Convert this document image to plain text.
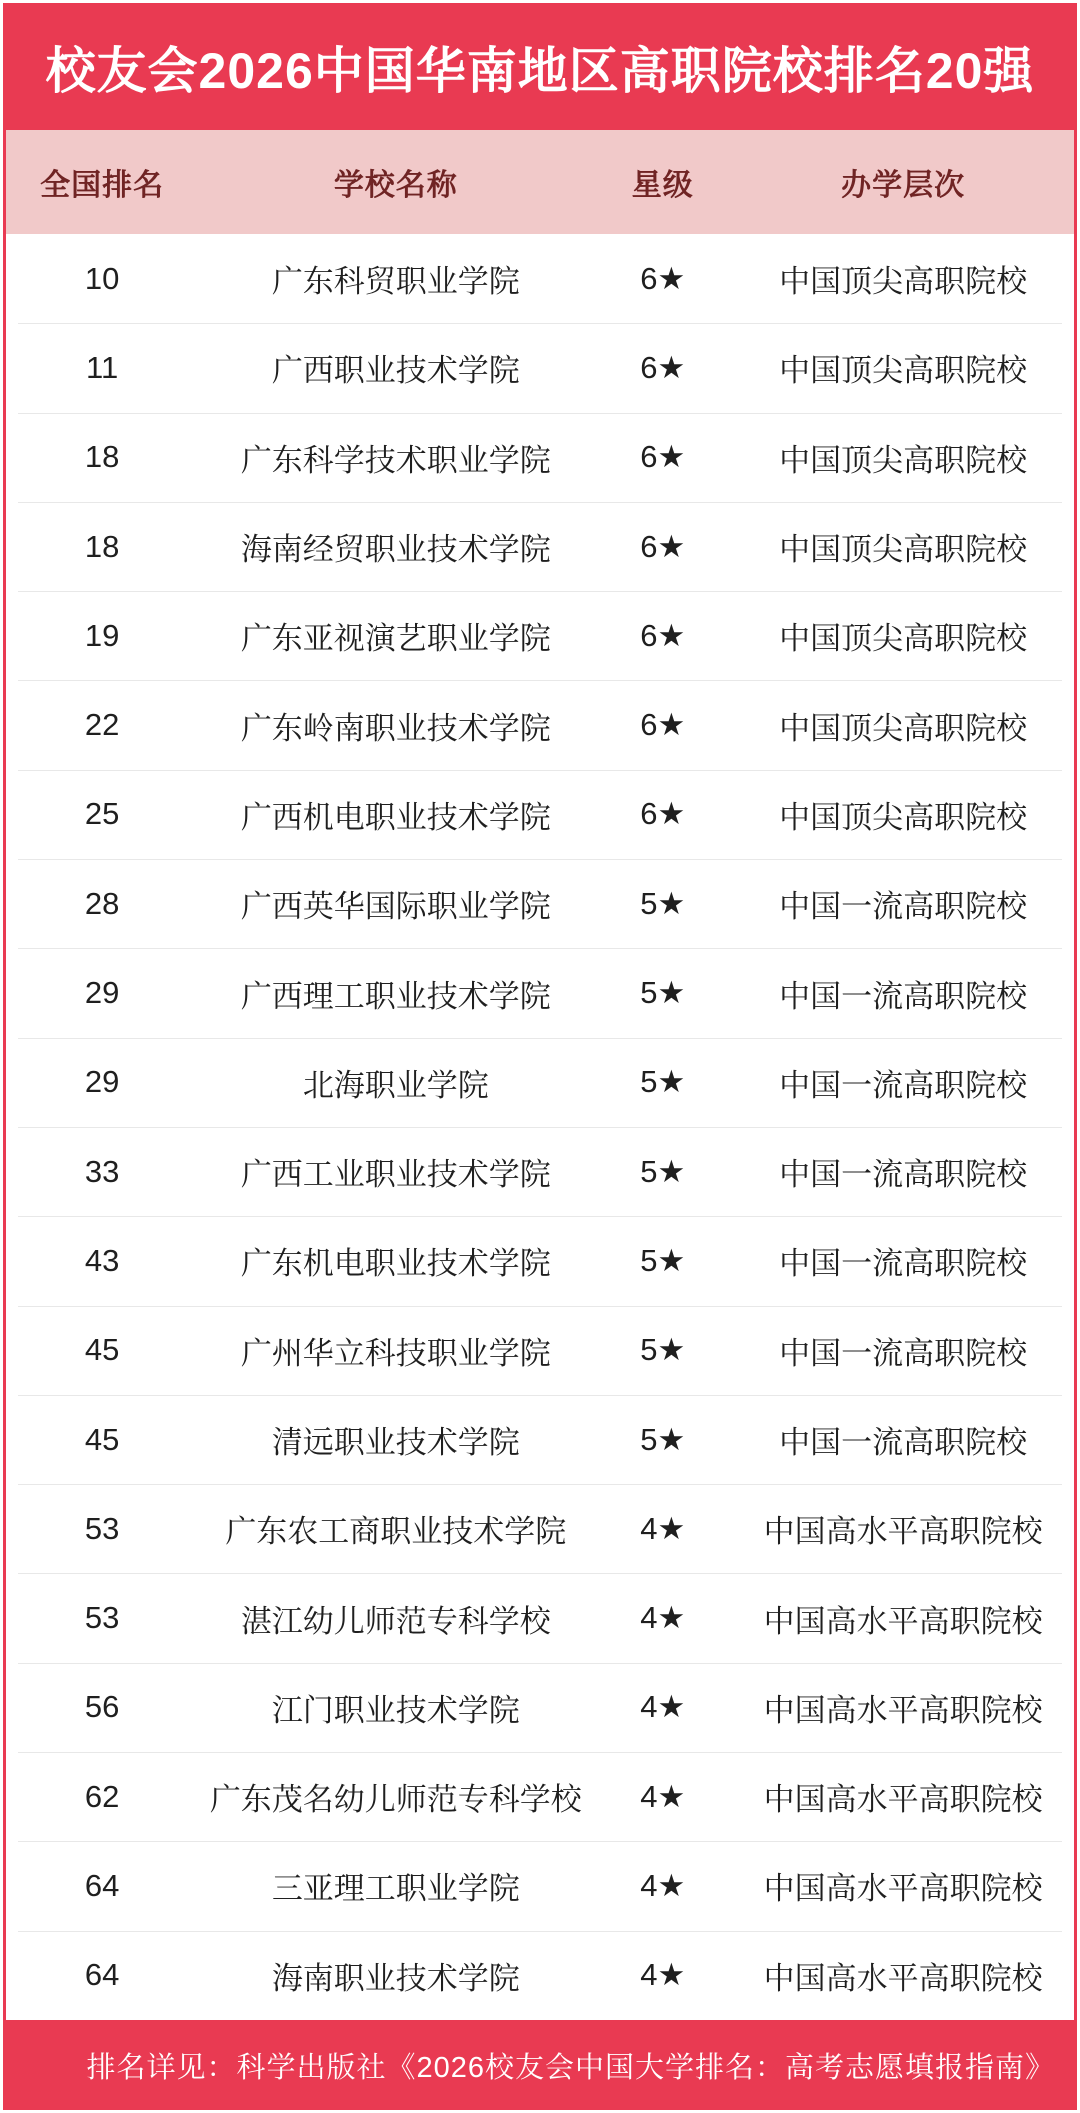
校友会2026中国华南地区高职院校排名20强
全国排名	学校名称	星级	办学层次
10	广东科贸职业学院	6★	中国顶尖高职院校
11	广西职业技术学院	6★	中国顶尖高职院校
18	广东科学技术职业学院	6★	中国顶尖高职院校
18	海南经贸职业技术学院	6★	中国顶尖高职院校
19	广东亚视演艺职业学院	6★	中国顶尖高职院校
22	广东岭南职业技术学院	6★	中国顶尖高职院校
25	广西机电职业技术学院	6★	中国顶尖高职院校
28	广西英华国际职业学院	5★	中国一流高职院校
29	广西理工职业技术学院	5★	中国一流高职院校
29	北海职业学院	5★	中国一流高职院校
33	广西工业职业技术学院	5★	中国一流高职院校
43	广东机电职业技术学院	5★	中国一流高职院校
45	广州华立科技职业学院	5★	中国一流高职院校
45	清远职业技术学院	5★	中国一流高职院校
53	广东农工商职业技术学院	4★	中国高水平高职院校
53	湛江幼儿师范专科学校	4★	中国高水平高职院校
56	江门职业技术学院	4★	中国高水平高职院校
62	广东茂名幼儿师范专科学校	4★	中国高水平高职院校
64	三亚理工职业学院	4★	中国高水平高职院校
64	海南职业技术学院	4★	中国高水平高职院校
排名详见：科学出版社《2026校友会中国大学排名：高考志愿填报指南》
